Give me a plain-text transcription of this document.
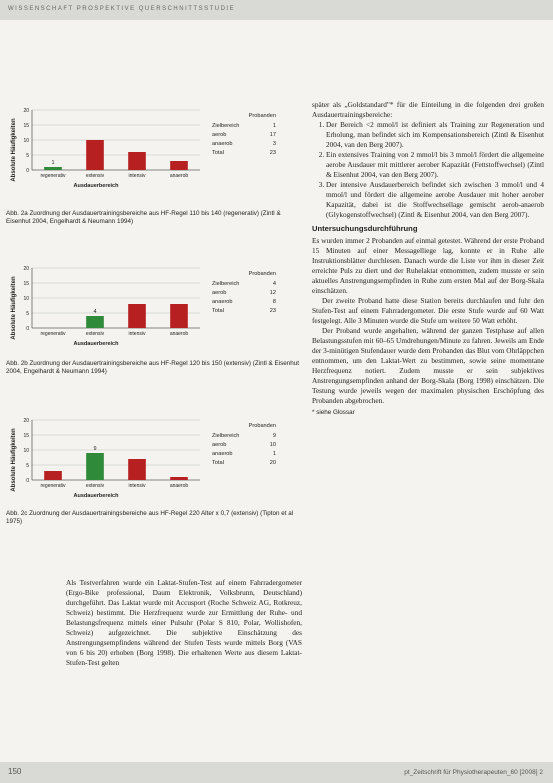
WISSENSCHAFT PROSPEKTIVE QUERSCHNITTSSTUDIE
0
5
10
15
20
1
regenerativ	extensiv	intensiv	anaerob
Ausdauerbereich
Absolute Häufigkeiten
Probanden
Zielbereich	1
aerob	17
anaerob	3
Total	23
Abb. 2a Zuordnung der Ausdauertrainingsbereiche aus HF-Regel 110 bis 140 (regenerativ) (Zintl & Eisenhut 2004, Engelhardt & Neumann 1994)
0
5
10
15
20
regenerativ
4
extensiv	intensiv	anaerob
Ausdauerbereich
Absolute Häufigkeiten
Probanden
Zielbereich	4
aerob	12
anaerob	8
Total	23
Abb. 2b Zuordnung der Ausdauertrainingsbereiche aus HF-Regel 120 bis 150 (extensiv) (Zintl & Eisenhut 2004, Engelhardt & Neumann 1994)
0
5
10
15
20
regenerativ
9
extensiv	intensiv	anaerob
Ausdauerbereich
Absolute Häufigkeiten
Probanden
Zielbereich	9
aerob	10
anaerob	1
Total	20
Abb. 2c Zuordnung der Ausdauertrainingsbereiche aus HF-Regel 220 Alter x 0,7 (extensiv) (Tipton et al 1975)

später als „Goldstandard"* für die Einteilung in die folgenden drei großen Ausdauertrainingsbereiche:

1. Der Bereich <2 mmol/l ist definiert als Training zur Regeneration und Erholung, man befindet sich im Kompensationsbereich (Zintl & Eisenhut 2004, van den Berg 2007).
2. Ein extensives Training von 2 mmol/l bis 3 mmol/l fördert die allgemeine aerobe Ausdauer mit mittlerer aerober Kapazität (Fettstoffwechsel) (Zintl & Eisenhut 2004, van den Berg 2007).
3. Der intensive Ausdauerbereich befindet sich zwischen 3 mmol/l und 4 mmol/l und fördert die allgemeine aerobe Ausdauer mit hoher aerober Kapazität, dabei ist die Stoffwechsellage gemischt aerob-anaerob (Glykogenstoffwechsel) (Zintl & Eisenhut 2004, van den Berg 2007).
Untersuchungsdurchführung

Es wurden immer 2 Probanden auf einmal getestet. Während der erste Proband 15 Minuten auf einer Messagelliege lag, konnte er in Ruhe alle Instruktionsblätter durchlesen. Danach wurde die Liste vor ihm in dieser Zeit erreichte Puls zu diert und der Ruhelaktat entnommen, zudem musste er sein aktuelles Anstrengungsempfinden in Ruhe zum ersten Mal auf der Borg-Skala einschätzen.

Der zweite Proband hatte diese Station bereits durchlaufen und fuhr den Stufen-Test auf einem Fahrradergometer. Die erste Stufe wurde auf 60 Watt festgelegt. Alle 3 Minuten wurde die Stufe um weitere 50 Watt erhöht.

Der Proband wurde angehalten, während der ganzen Testphase auf allen Belastungsstufen mit 60–65 Umdrehungen/Minute zu fahren. Jeweils am Ende der 3-minütigen Stufendauer wurde dem Probanden das Blut vom Ohrläppchen entnommen, um den Laktat-Wert zu bestimmen, sowie seine momentane Herzfrequenz notiert. Zudem musste er sein subjektives Anstrengungsempfinden anhand der Borg-Skala (Borg 1998) einschätzen. Die Testung wurde jeweils wegen der maximalen physischen Erschöpfung des Probanden abgebrochen.

* siehe Glossar

Als Testverfahren wurde ein Laktat-Stufen-Test auf einem Fahrradergometer (Ergo-Bike professional, Daum Elektronik, Volksbrunn, Deutschland) durchgeführt. Das Laktat wurde mit Accusport (Roche Schweiz AG, Rotkreuz, Schweiz) bestimmt. Die Herzfrequenz wurde zur Ermittlung der Ruhe- und Belastungsfrequenz mittels einer Pulsuhr (Polar S 810, Polar, Wollishofen, Schweiz) aufgezeichnet. Die subjektive Einschätzung des Anstrengungsempfindens während der Stufen Tests wurde mittels Borg (VAS von 6 bis 20) erhoben (Borg 1998). Die erhaltenen Werte aus diesem Laktat-Stufen-Test gelten

150	pt_Zeitschrift für Physiotherapeuten_60 [2008] 2
